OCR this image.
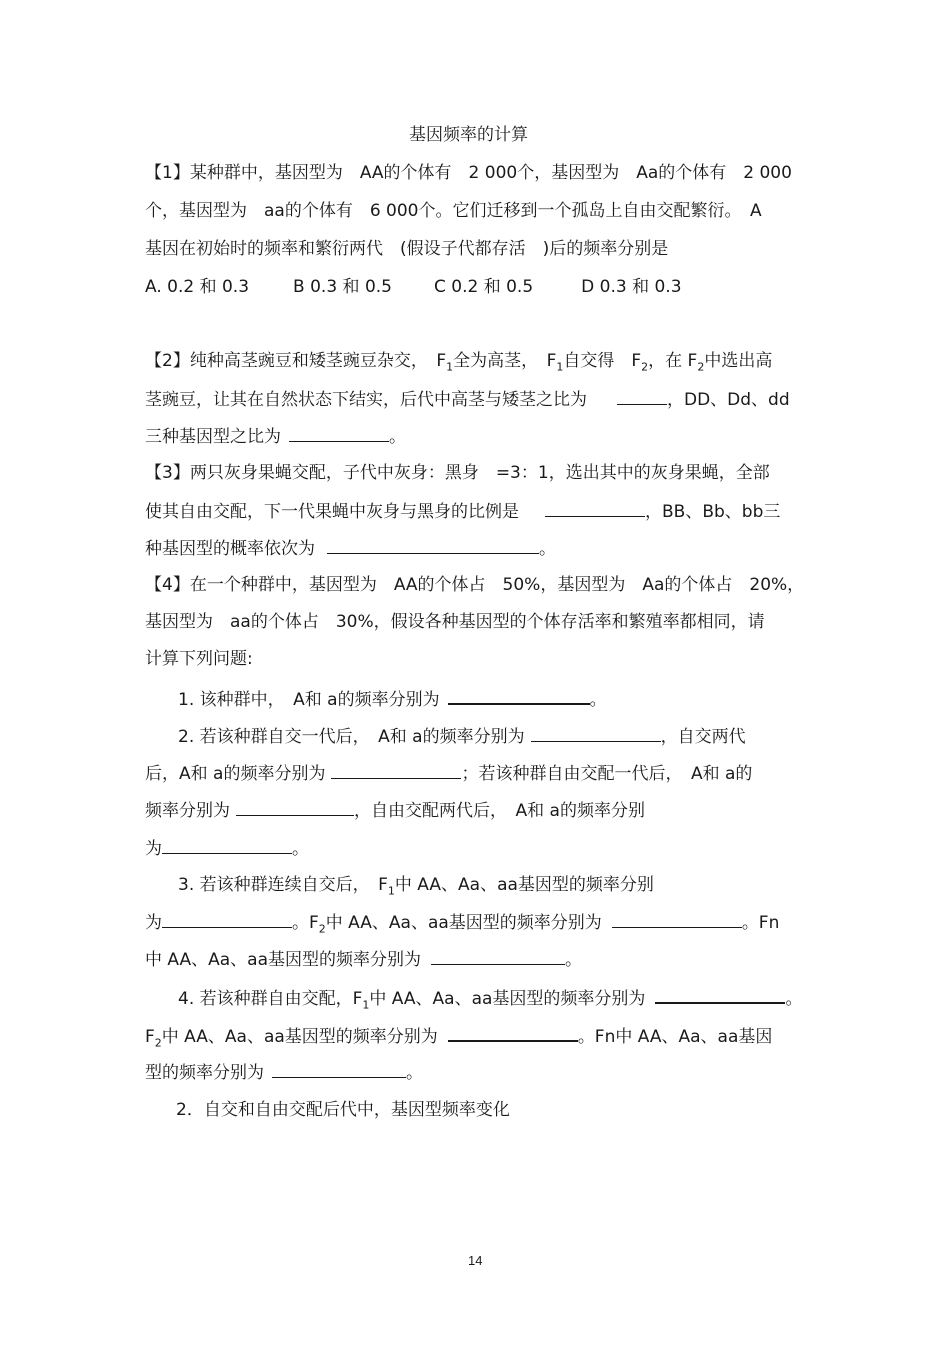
基因频率的计算
【1】某种群中，基因型为　AA的个体有　2 000个，基因型为　Aa的个体有　2 000
个，基因型为　aa的个体有　6 000个。它们迁移到一个孤岛上自由交配繁衍。　A
基因在初始时的频率和繁衍两代　(假设子代都存活　)后的频率分别是
A. 0.2 和 0.3	B 0.3 和 0.5 C 0.2 和 0.5	D 0.3 和 0.3
【2】纯种高茎豌豆和矮茎豌豆杂交，　$F_1$全为高茎，　$F_1$自交得　$F_2$，在 $F_2$中选出高
茎豌豆，让其在自然状态下结实，后代中高茎与矮茎之比为	，DD、Dd、dd
三种基因型之比为	。
【3】两只灰身果蝇交配，子代中灰身：黑身　=3：1，选出其中的灰身果蝇，全部
使其自由交配，下一代果蝇中灰身与黑身的比例是	，BB、Bb、bb三
种基因型的概率依次为	。
【4】在一个种群中，基因型为　AA的个体占　50%，基因型为　Aa的个体占　20%，
基因型为　aa的个体占　30%，假设各种基因型的个体存活率和繁殖率都相同，请
计算下列问题:
1. 该种群中，　A和 a的频率分别为	。
2. 若该种群自交一代后，　A和 a的频率分别为	，自交两代
后，A和 a的频率分别为	；若该种群自由交配一代后，　A和 a的
频率分别为	，自由交配两代后，　A和 a的频率分别
为	。
3. 若该种群连续自交后，　$F_1$中 AA、Aa、aa基因型的频率分别
为	。$F_2$中 AA、Aa、aa基因型的频率分别为	。Fn
中 AA、Aa、aa基因型的频率分别为	。
4. 若该种群自由交配，$F_1$中 AA、Aa、aa基因型的频率分别为	。
$F_2$中 AA、Aa、aa基因型的频率分别为	。Fn中 AA、Aa、aa基因
型的频率分别为	。
2．自交和自由交配后代中，基因型频率变化
14
